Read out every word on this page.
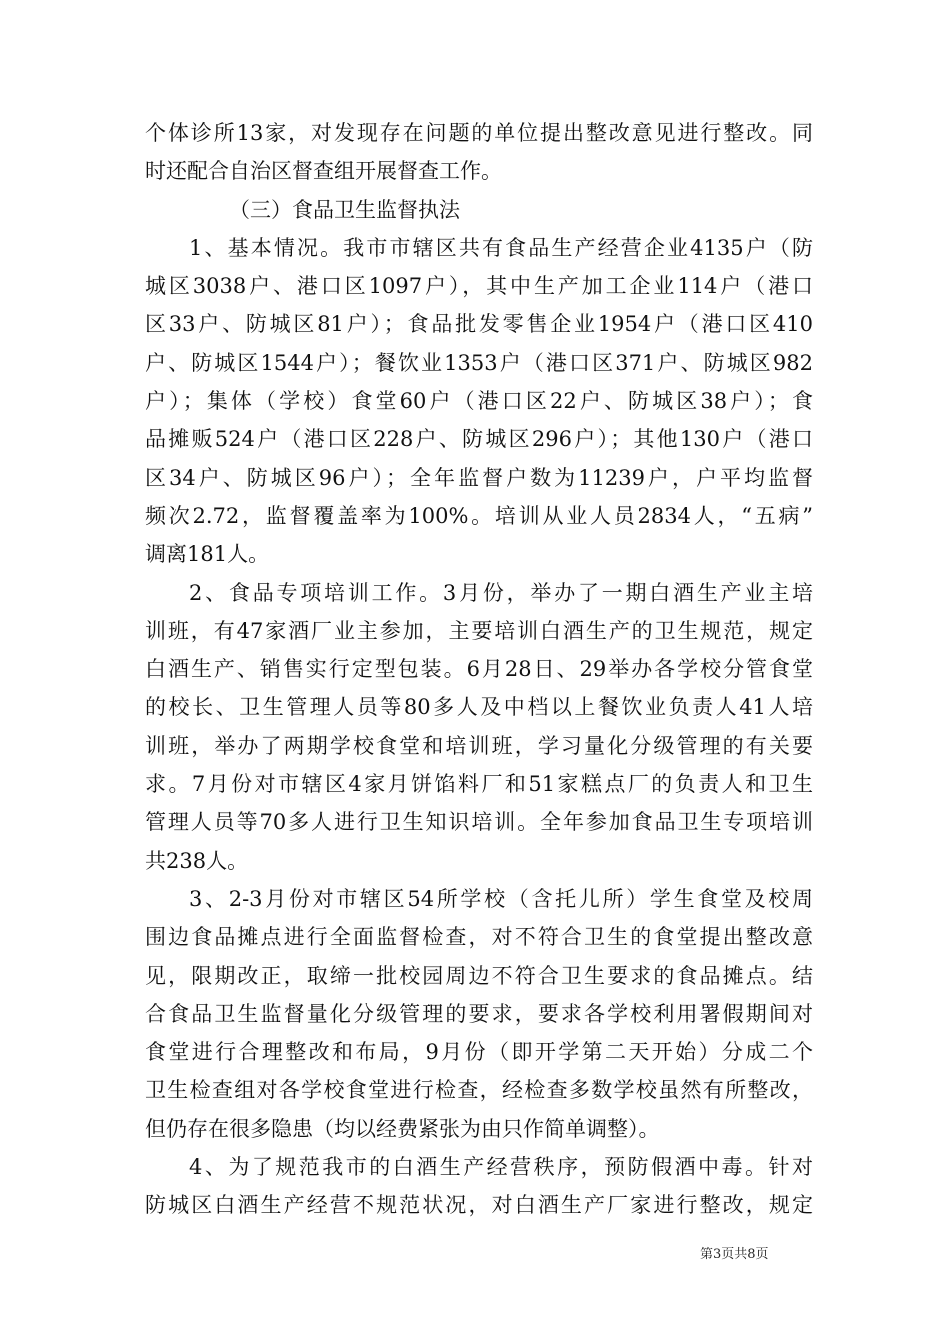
个体诊所13家，对发现存在问题的单位提出整改意见进行整改。同
时还配合自治区督查组开展督查工作。
（三）食品卫生监督执法
1、基本情况。我市市辖区共有食品生产经营企业4135户（防
城区3038户、港口区1097户），其中生产加工企业114户（港口
区33户、防城区81户）；食品批发零售企业1954户（港口区410
户、防城区1544户）；餐饮业1353户（港口区371户、防城区982
户）；集体（学校）食堂60户（港口区22户、防城区38户）；食
品摊贩524户（港口区228户、防城区296户）；其他130户（港口
区34户、防城区96户）；全年监督户数为11239户，户平均监督
频次2.72，监督覆盖率为100%。培训从业人员2834人，“五病”
调离181人。
2、食品专项培训工作。3月份，举办了一期白酒生产业主培
训班，有47家酒厂业主参加，主要培训白酒生产的卫生规范，规定
白酒生产、销售实行定型包装。6月28日、29举办各学校分管食堂
的校长、卫生管理人员等80多人及中档以上餐饮业负责人41人培
训班，举办了两期学校食堂和培训班，学习量化分级管理的有关要
求。7月份对市辖区4家月饼馅料厂和51家糕点厂的负责人和卫生
管理人员等70多人进行卫生知识培训。全年参加食品卫生专项培训
共238人。
3、2-3月份对市辖区54所学校（含托儿所）学生食堂及校周
围边食品摊点进行全面监督检查，对不符合卫生的食堂提出整改意
见，限期改正，取缔一批校园周边不符合卫生要求的食品摊点。结
合食品卫生监督量化分级管理的要求，要求各学校利用署假期间对
食堂进行合理整改和布局，9月份（即开学第二天开始）分成二个
卫生检查组对各学校食堂进行检查，经检查多数学校虽然有所整改，
但仍存在很多隐患（均以经费紧张为由只作简单调整）。
4、为了规范我市的白酒生产经营秩序，预防假酒中毒。针对
防城区白酒生产经营不规范状况，对白酒生产厂家进行整改，规定
第3页共8页
